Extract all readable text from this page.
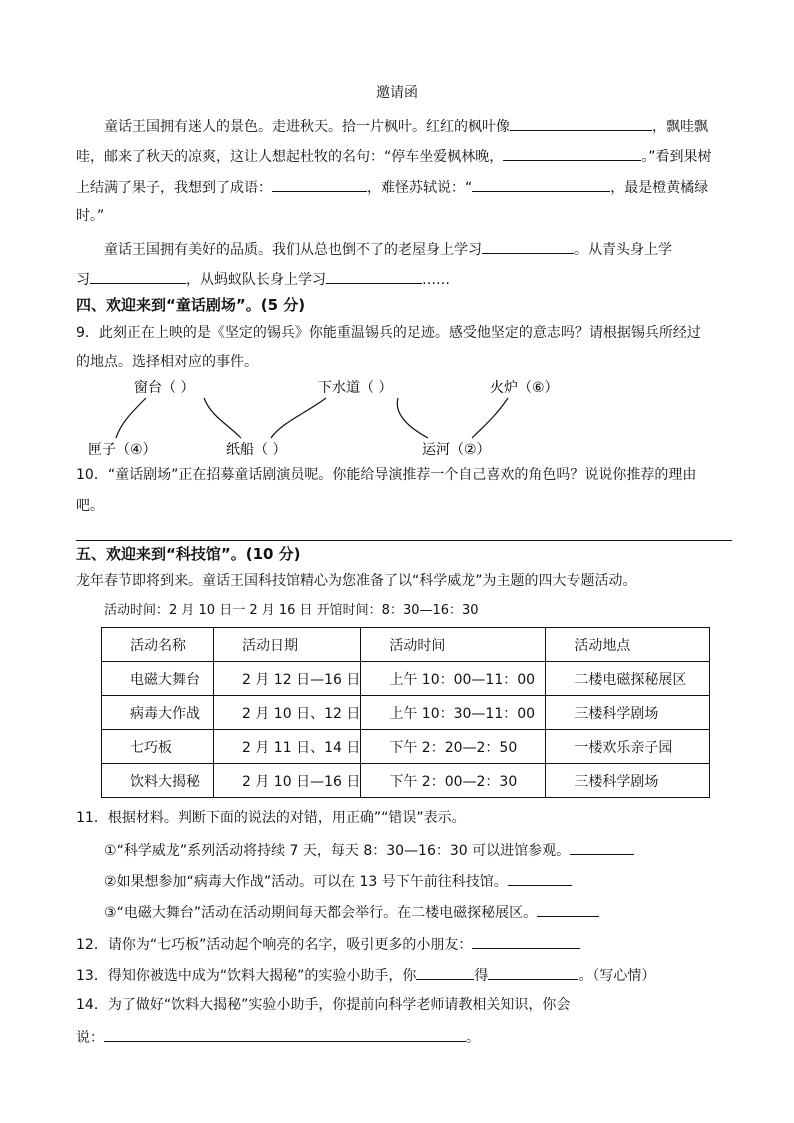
邀请函
童话王国拥有迷人的景色。走进秋天。拾一片枫叶。红红的枫叶像	，飘哇飘
哇，邮来了秋天的凉爽，这让人想起杜牧的名句：“停车坐爱枫林晚，	。”看到果树
上结满了果子，我想到了成语：	，难怪苏轼说：“	，最是橙黄橘绿
时。”
童话王国拥有美好的品质。我们从总也倒不了的老屋身上学习	。从青头身上学
习	，从蚂蚁队长身上学习	……
四、欢迎来到“童话剧场”。(5 分)
9．此刻正在上映的是《坚定的锡兵》你能重温锡兵的足迹。感受他坚定的意志吗？请根据锡兵所经过
的地点。选择相对应的事件。
窗台（ ）	下水道（ ）	火炉（⑥）
匣子（④）	纸船（ ）	运河（②）
10．“童话剧场”正在招募童话剧演员呢。你能给导演推荐一个自己喜欢的角色吗？说说你推荐的理由
吧。
五、欢迎来到“科技馆”。(10 分)
龙年春节即将到来。童话王国科技馆精心为您准备了以“科学威龙”为主题的四大专题活动。
活动时间：2 月 10 日一 2 月 16 日 开馆时间：8：30—16：30
活动名称	活动日期	活动时间	活动地点
电磁大舞台	2 月 12 日—16 日	上午 10：00—11：00	二楼电磁探秘展区
病毒大作战	2 月 10 日、12 日	上午 10：30—11：00	三楼科学剧场
七巧板	2 月 11 日、14 日	下午 2：20—2：50	一楼欢乐亲子园
饮料大揭秘	2 月 10 日—16 日	下午 2：00—2：30	三楼科学剧场
11．根据材料。判断下面的说法的对错，用正确”“错误”表示。
①“科学威龙”系列活动将持续 7 天，每天 8：30—16：30 可以进馆参观。
②如果想参加“病毒大作战”活动。可以在 13 号下午前往科技馆。
③“电磁大舞台”活动在活动期间每天都会举行。在二楼电磁探秘展区。
12．请你为“七巧板”活动起个响亮的名字，吸引更多的小朋友：
13．得知你被选中成为“饮料大揭秘”的实验小助手，你	得	。（写心情）
14．为了做好“饮料大揭秘”实验小助手，你提前向科学老师请教相关知识，你会
说：	。
